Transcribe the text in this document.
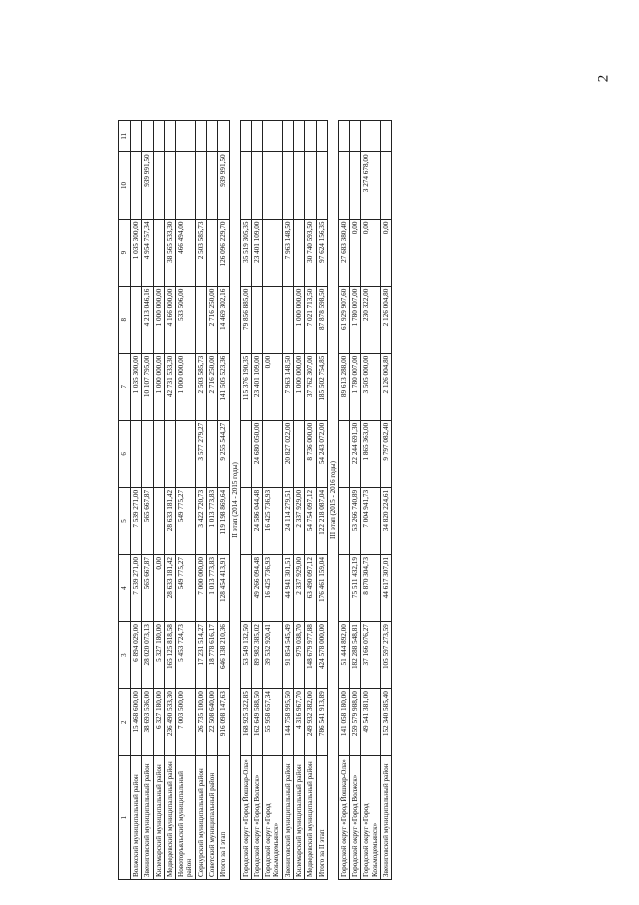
2
1	2	3	4	5	6	7	8	9	10	11
Волжский муниципальный район	15 468 600,00	6 894 029,00	7 539 271,00	7 539 271,00		1 035 300,00		1 035 300,00		
Звениговский муниципальный район	38 693 536,00	28 020 073,13	565 667,87	565 667,87		10 107 795,00	4 213 046,16	4 954 757,34	939 991,50	
Килемарский муниципальный район	6 327 180,00	5 327 180,00	0,00			1 000 000,00	1 000 000,00			
Медведевский муниципальный район	236 490 533,30	165 125 818,58	28 633 181,42	28 633 181,42		42 731 533,30	4 166 000,00	38 565 533,30		
Новоторъяльский муниципальный район	7 003 500,00	5 453 724,73	549 775,27	549 775,27		1 000 000,00	533 506,00	466 494,00		
Сернурский муниципальный район	26 735 100,00	17 231 514,27	7 000 000,00	3 422 720,73	3 577 279,27	2 503 585,73		2 503 585,73		
Советский муниципальный район	22 508 640,00	18 778 616,17	1 013 773,83	1 013 773,83		2 716 250,00	2 716 250,00			
Итого за I этап	916 098 147,63	646 138 210,36	128 454 413,91	119 198 869,64	9 255 544,27	141 505 523,36	14 469 302,16	126 096 229,70	939 991,50	
II этап (2014 - 2015 годы)										
Городской округ «Город Йошкар-Ола»	168 925 322,85	53 549 132,50				115 376 190,35	79 856 885,00	35 519 305,35		
Городской округ «Город Волжск»	162 649 588,50	89 982 385,02	49 266 094,48	24 586 044,48	24 680 050,00	23 401 109,00		23 401 109,00		
Городской округ «Город Козьмодемьянск»	55 958 657,34	39 532 920,41	16 425 736,93	16 425 736,93		0,00				
Звениговский муниципальный район	144 758 995,50	91 854 545,49	44 941 301,51	24 114 279,51	20 827 022,00	7 963 148,50		7 963 148,50		
Килемарский муниципальный район	4 316 967,70	979 038,70	2 337 929,00	2 337 929,00		1 000 000,00	1 000 000,00			
Медведевский муниципальный район	249 932 382,00	148 679 977,88	63 490 097,12	54 754 097,12	8 736 000,00	37 762 307,00	7 021 713,50	30 740 593,50		
Итого за II этап	786 541 913,89	424 578 000,00	176 461 159,04	122 218 087,04	54 243 072,00	185 502 754,85	87 878 598,50	97 624 156,35		
III этап (2015 - 2016 годы)										
Городской округ «Город Йошкар-Ола»	141 058 180,00	51 444 892,00				89 613 288,00	61 929 907,60	27 683 380,40		
Городской округ «Город Волжск»	259 579 988,00	182 288 548,81	75 511 432,19	53 266 740,89	22 244 691,30	1 780 007,00	1 780 007,00	0,00		
Городской округ «Город Козьмодемьянск»	49 541 381,00	37 166 076,27	8 870 304,73	7 004 941,73	1 865 363,00	3 505 000,00	230 322,00	0,00	3 274 678,00	
Звениговский муниципальный район	152 340 585,40	105 597 273,59	44 617 307,01	34 820 224,61	9 797 082,40	2 126 004,80	2 126 004,80	0,00		
